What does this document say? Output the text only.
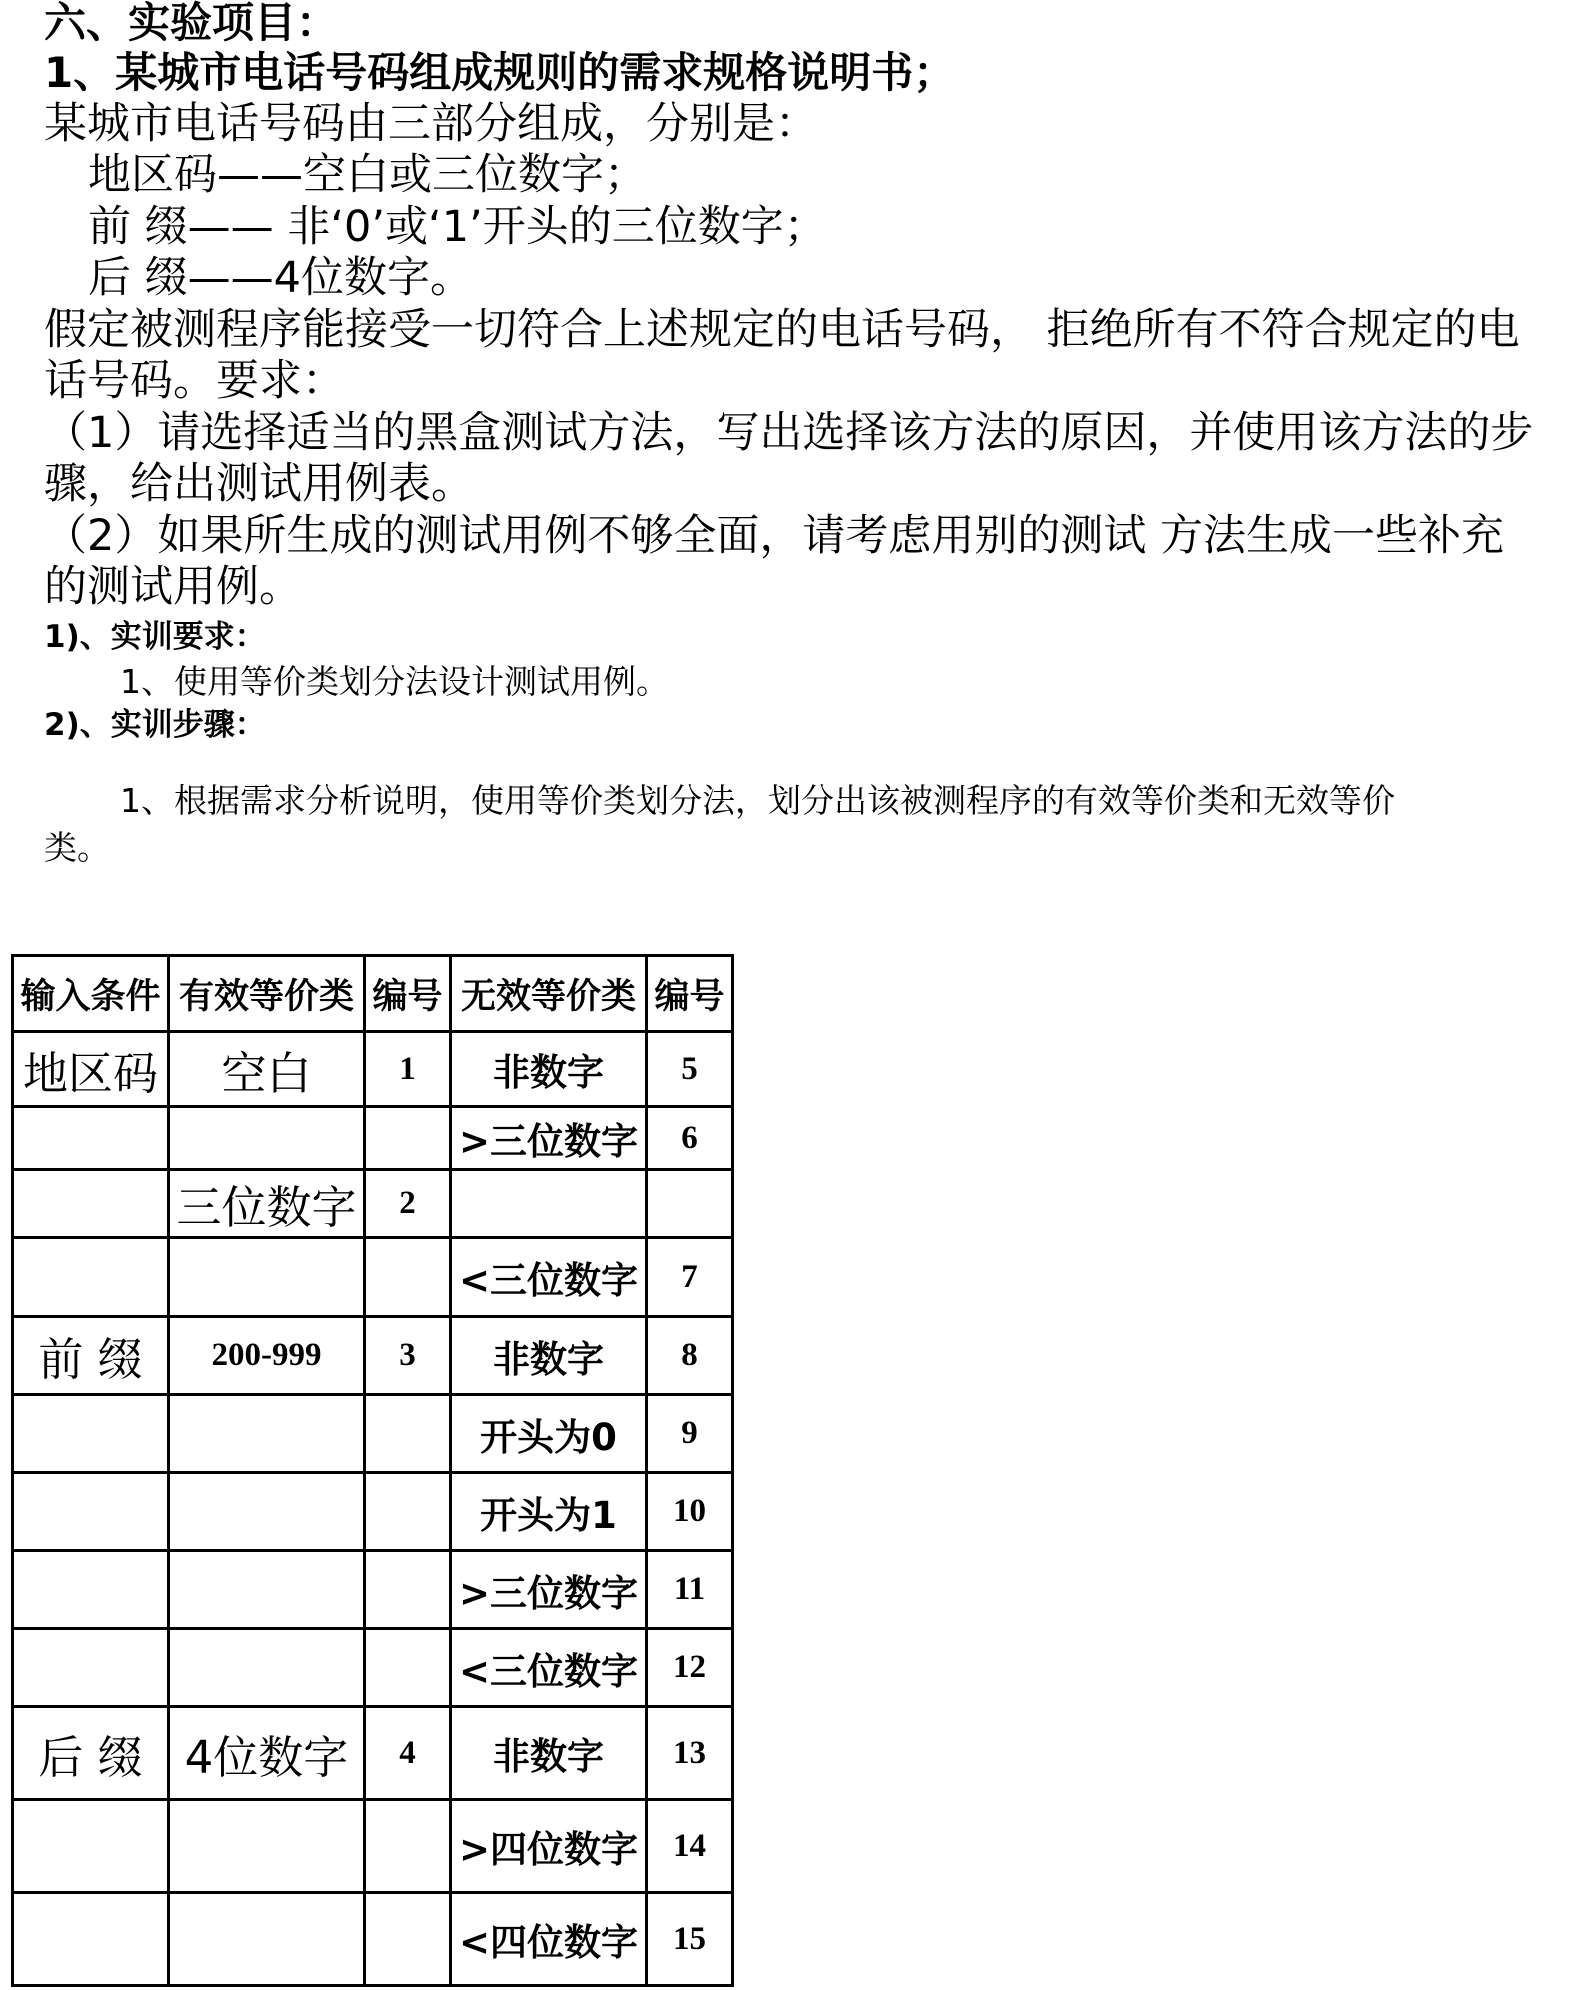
六、实验项目：
1、某城市电话号码组成规则的需求规格说明书；
某城市电话号码由三部分组成，分别是：
地区码——空白或三位数字；
前 缀—— 非‘0’或‘1’开头的三位数字；
后 缀——4位数字。
假定被测程序能接受一切符合上述规定的电话号码， 拒绝所有不符合规定的电
话号码。要求：
（1）请选择适当的黑盒测试方法，写出选择该方法的原因，并使用该方法的步
骤，给出测试用例表。
（2）如果所生成的测试用例不够全面，请考虑用别的测试 方法生成一些补充
的测试用例。
1)、实训要求：
1、使用等价类划分法设计测试用例。
2)、实训步骤：
1、根据需求分析说明，使用等价类划分法，划分出该被测程序的有效等价类和无效等价
类。
输入条件	有效等价类	编号	无效等价类	编号
地区码	空白	1	非数字	5
			>三位数字	6
	三位数字	2		
			<三位数字	7
前 缀	200-999	3	非数字	8
			开头为0	9
			开头为1	10
			>三位数字	11
			<三位数字	12
后 缀	4位数字	4	非数字	13
			>四位数字	14
			<四位数字	15
